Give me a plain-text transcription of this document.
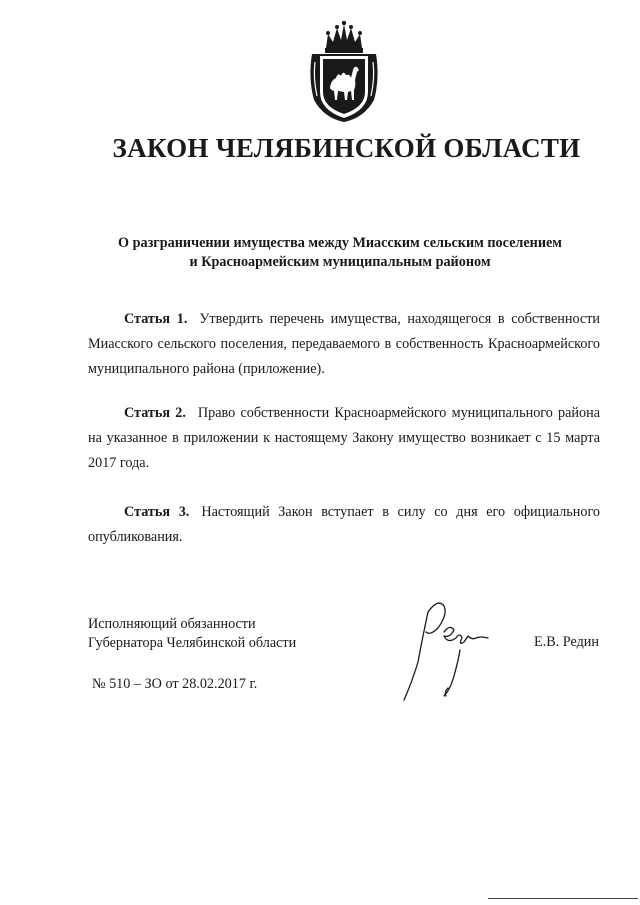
ЗАКОН ЧЕЛЯБИНСКОЙ ОБЛАСТИ

О разграничении имущества между Миасским сельским поселением
и Красноармейским муниципальным районом

Статья 1. Утвердить перечень имущества, находящегося в собственности Миасского сельского поселения, передаваемого в собственность Красноармейского муниципального района (приложение).

Статья 2. Право собственности Красноармейского муниципального района на указанное в приложении к настоящему Закону имущество возникает с 15 марта 2017 года.

Статья 3. Настоящий Закон вступает в силу со дня его официального опубликования.

Исполняющий обязанности
Губернатора Челябинской области	Е.В. Редин

№ 510 – ЗО от 28.02.2017 г.
